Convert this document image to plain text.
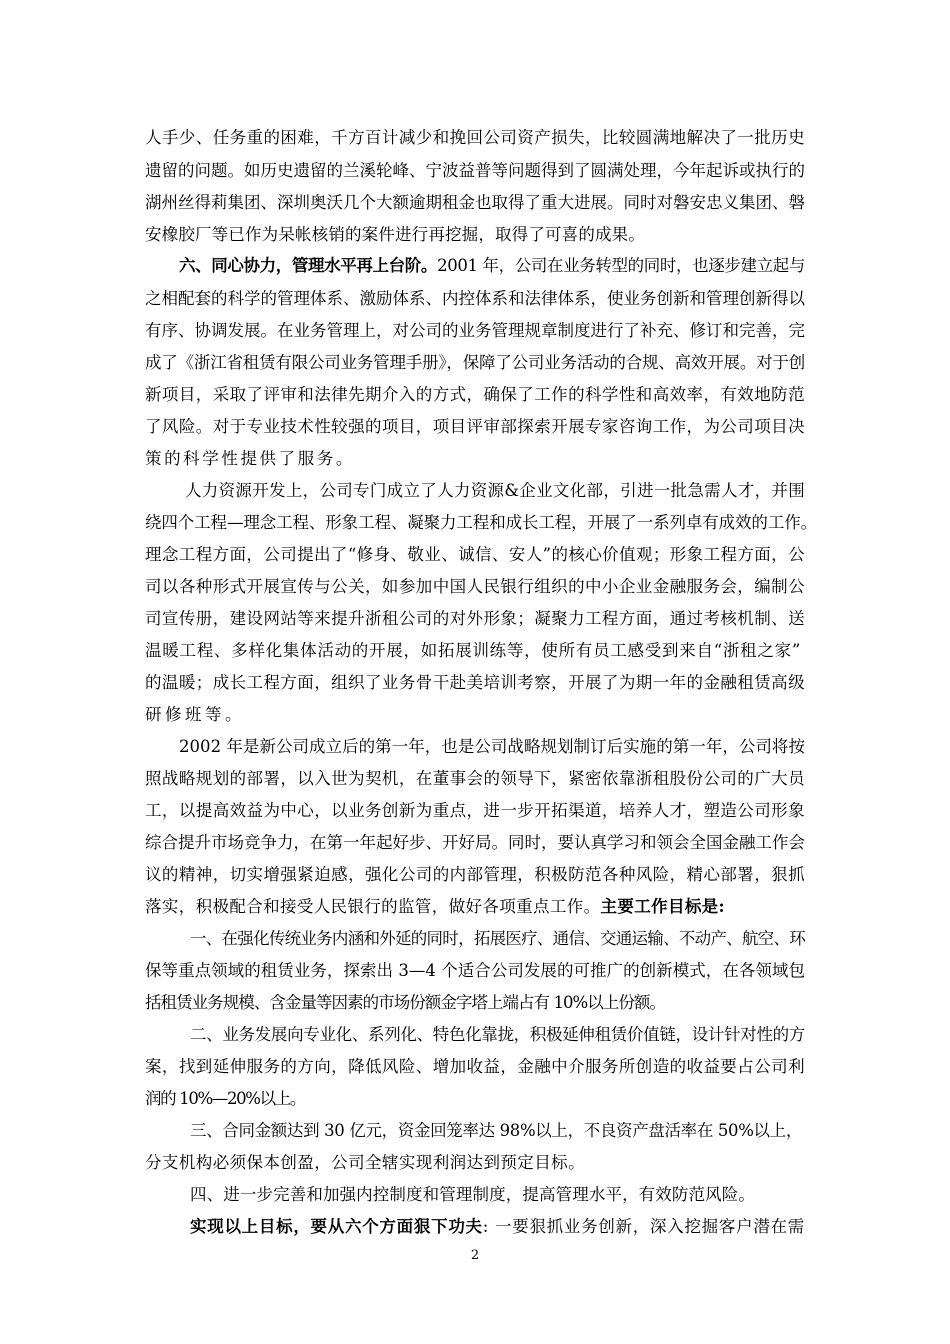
人手少、任务重的困难，千方百计减少和挽回公司资产损失，比较圆满地解决了一批历史
遗留的问题。如历史遗留的兰溪轮峰、宁波益普等问题得到了圆满处理，今年起诉或执行的
湖州丝得莉集团、深圳奥沃几个大额逾期租金也取得了重大进展。同时对磐安忠义集团、磐
安橡胶厂等已作为呆帐核销的案件进行再挖掘，取得了可喜的成果。
六、同心协力，管理水平再上台阶。2001 年，公司在业务转型的同时，也逐步建立起与
之相配套的科学的管理体系、激励体系、内控体系和法律体系，使业务创新和管理创新得以
有序、协调发展。在业务管理上，对公司的业务管理规章制度进行了补充、修订和完善，完
成了《浙江省租赁有限公司业务管理手册》，保障了公司业务活动的合规、高效开展。对于创
新项目，采取了评审和法律先期介入的方式，确保了工作的科学性和高效率，有效地防范
了风险。对于专业技术性较强的项目，项目评审部探索开展专家咨询工作，为公司项目决
策的科学性提供了服务。
人力资源开发上，公司专门成立了人力资源&企业文化部，引进一批急需人才，并围
绕四个工程—理念工程、形象工程、凝聚力工程和成长工程，开展了一系列卓有成效的工作。
理念工程方面，公司提出了“修身、敬业、诚信、安人”的核心价值观；形象工程方面，公
司以各种形式开展宣传与公关，如参加中国人民银行组织的中小企业金融服务会，编制公
司宣传册，建设网站等来提升浙租公司的对外形象；凝聚力工程方面，通过考核机制、送
温暖工程、多样化集体活动的开展，如拓展训练等，使所有员工感受到来自“浙租之家”
的温暖；成长工程方面，组织了业务骨干赴美培训考察，开展了为期一年的金融租赁高级
研修班等。
2002 年是新公司成立后的第一年，也是公司战略规划制订后实施的第一年，公司将按
照战略规划的部署，以入世为契机，在董事会的领导下，紧密依靠浙租股份公司的广大员
工，以提高效益为中心，以业务创新为重点，进一步开拓渠道，培养人才，塑造公司形象
综合提升市场竞争力，在第一年起好步、开好局。同时，要认真学习和领会全国金融工作会
议的精神，切实增强紧迫感，强化公司的内部管理，积极防范各种风险，精心部署，狠抓
落实，积极配合和接受人民银行的监管，做好各项重点工作。主要工作目标是:
一、在强化传统业务内涵和外延的同时，拓展医疗、通信、交通运输、不动产、航空、环
保等重点领域的租赁业务，探索出 3—4 个适合公司发展的可推广的创新模式，在各领域包
括租赁业务规模、含金量等因素的市场份额金字塔上端占有 10%以上份额。
二、业务发展向专业化、系列化、特色化靠拢，积极延伸租赁价值链，设计针对性的方
案，找到延伸服务的方向，降低风险、增加收益，金融中介服务所创造的收益要占公司利
润的 10%—20%以上。
三、合同金额达到 30 亿元，资金回笼率达 98%以上，不良资产盘活率在 50%以上，
分支机构必须保本创盈，公司全辖实现利润达到预定目标。
四、进一步完善和加强内控制度和管理制度，提高管理水平，有效防范风险。
实现以上目标，要从六个方面狠下功夫: 一要狠抓业务创新，深入挖掘客户潜在需
2
